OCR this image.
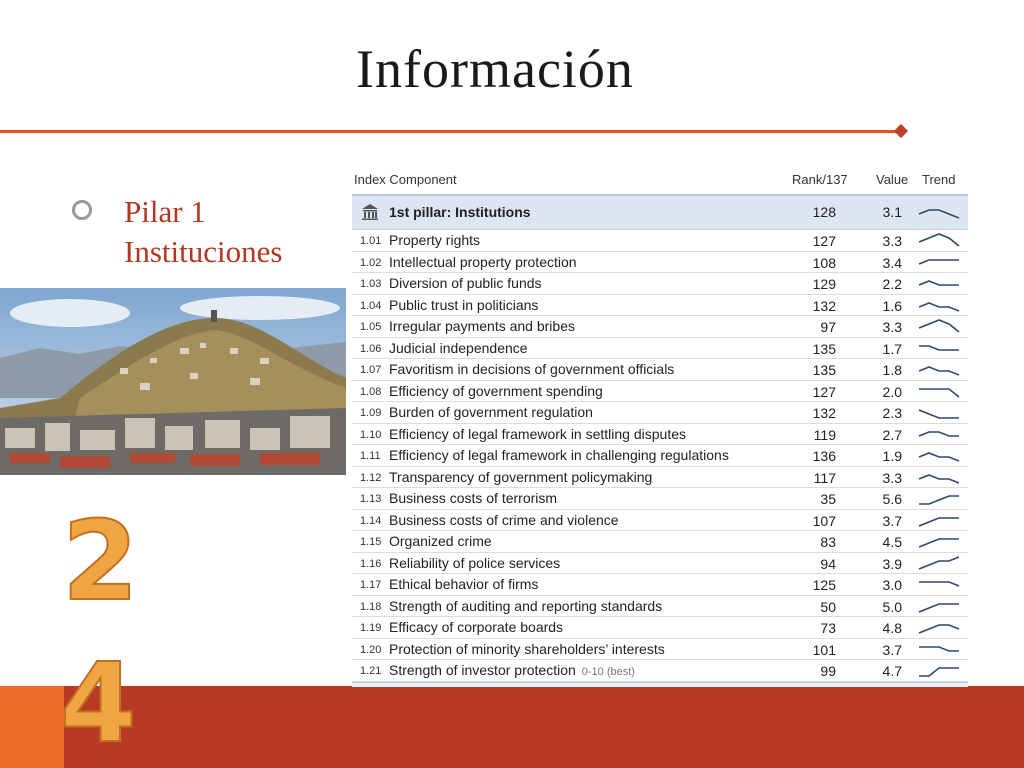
Información
Pilar 1
Instituciones
2
4
Index Component	Rank/137 Value Trend
1st pillar: Institutions	128	3.1
1.01 Property rights	127	3.3
1.02 Intellectual property protection	108	3.4
1.03 Diversion of public funds	129	2.2
1.04 Public trust in politicians	132	1.6
1.05 Irregular payments and bribes	97	3.3
1.06 Judicial independence	135	1.7
1.07 Favoritism in decisions of government officials	135	1.8
1.08 Efficiency of government spending	127	2.0
1.09 Burden of government regulation	132	2.3
1.10 Efficiency of legal framework in settling disputes	119	2.7
1.11 Efficiency of legal framework in challenging regulations	136	1.9
1.12 Transparency of government policymaking	117	3.3
1.13 Business costs of terrorism	35	5.6
1.14 Business costs of crime and violence	107	3.7
1.15 Organized crime	83	4.5
1.16 Reliability of police services	94	3.9
1.17 Ethical behavior of firms	125	3.0
1.18 Strength of auditing and reporting standards	50	5.0
1.19 Efficacy of corporate boards	73	4.8
1.20 Protection of minority shareholders’ interests	101	3.7
1.21 Strength of investor protection 0-10 (best)	99	4.7
